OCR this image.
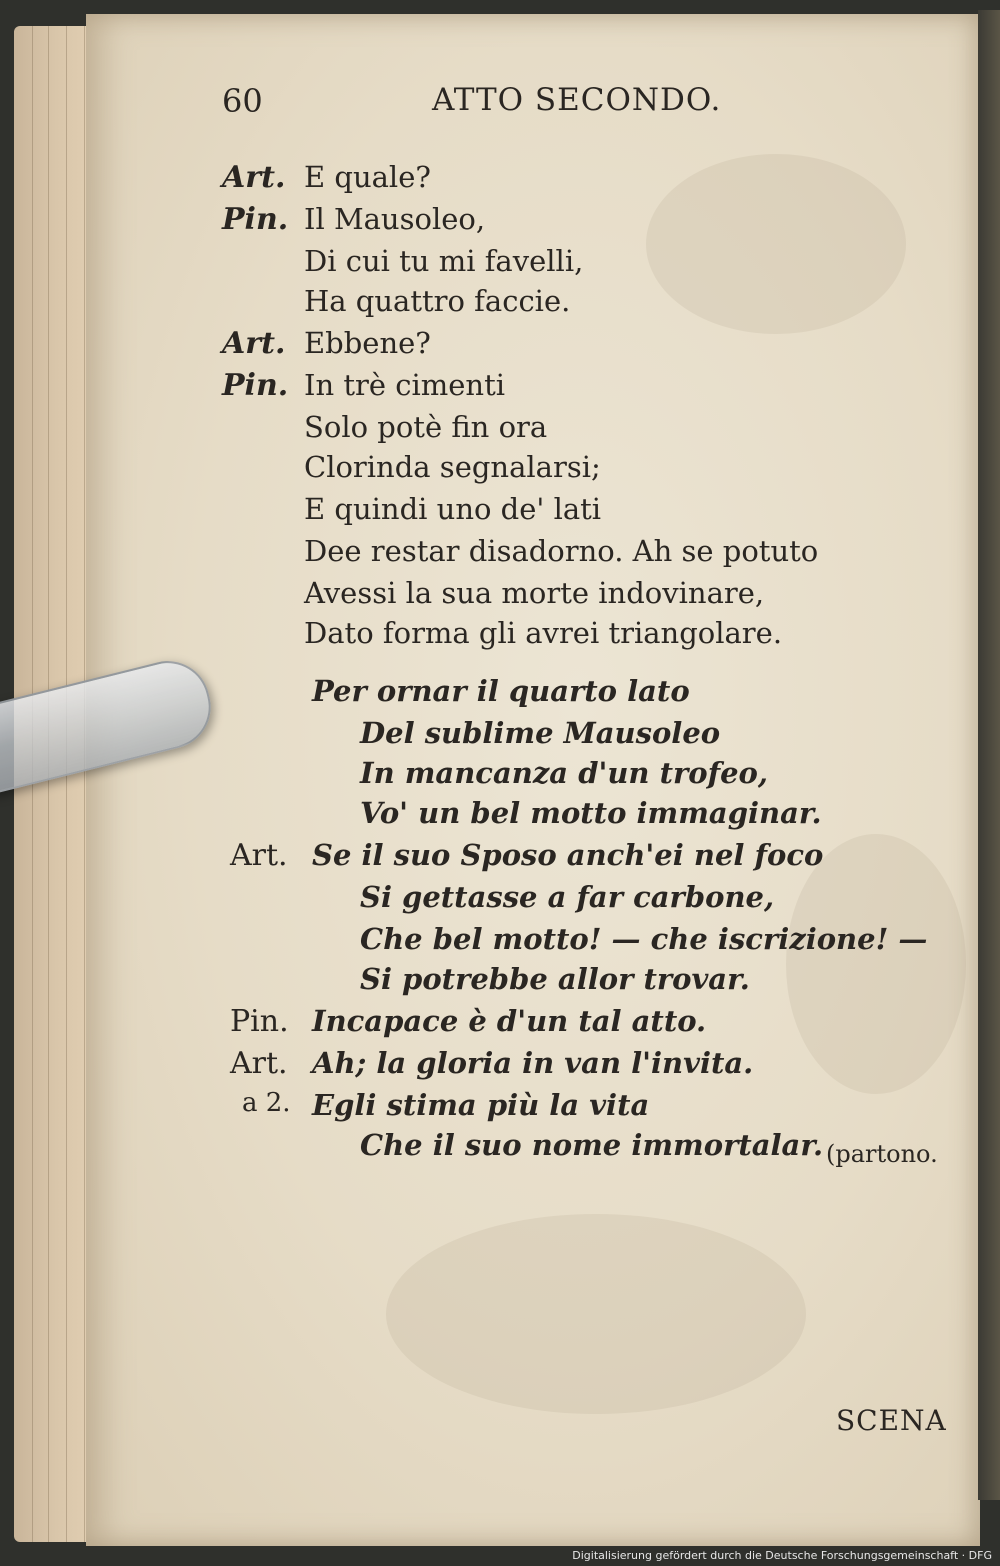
60	ATTO SECONDO.
Art. E quale?
Pin. Il Mausoleo,
Di cui tu mi favelli,
Ha quattro faccie.
Art. Ebbene?
Pin. In trè cimenti
Solo potè fin ora
Clorinda segnalarsi;
E quindi uno de' lati
Dee restar disadorno. Ah se potuto
Avessi la sua morte indovinare,
Dato forma gli avrei triangolare.
Per ornar il quarto lato
Del sublime Mausoleo
In mancanza d'un trofeo,
Vo' un bel motto immaginar.
Art. Se il suo Sposo anch'ei nel foco
Si gettasse a far carbone,
Che bel motto! — che iscrizione! —
Si potrebbe allor trovar.
Pin. Incapace è d'un tal atto.
Art. Ah; la gloria in van l'invita.
a 2. Egli stima più la vita
Che il suo nome immortalar. (partono.
SCENA
Digitalisierung gefördert durch die Deutsche Forschungsgemeinschaft · DFG
